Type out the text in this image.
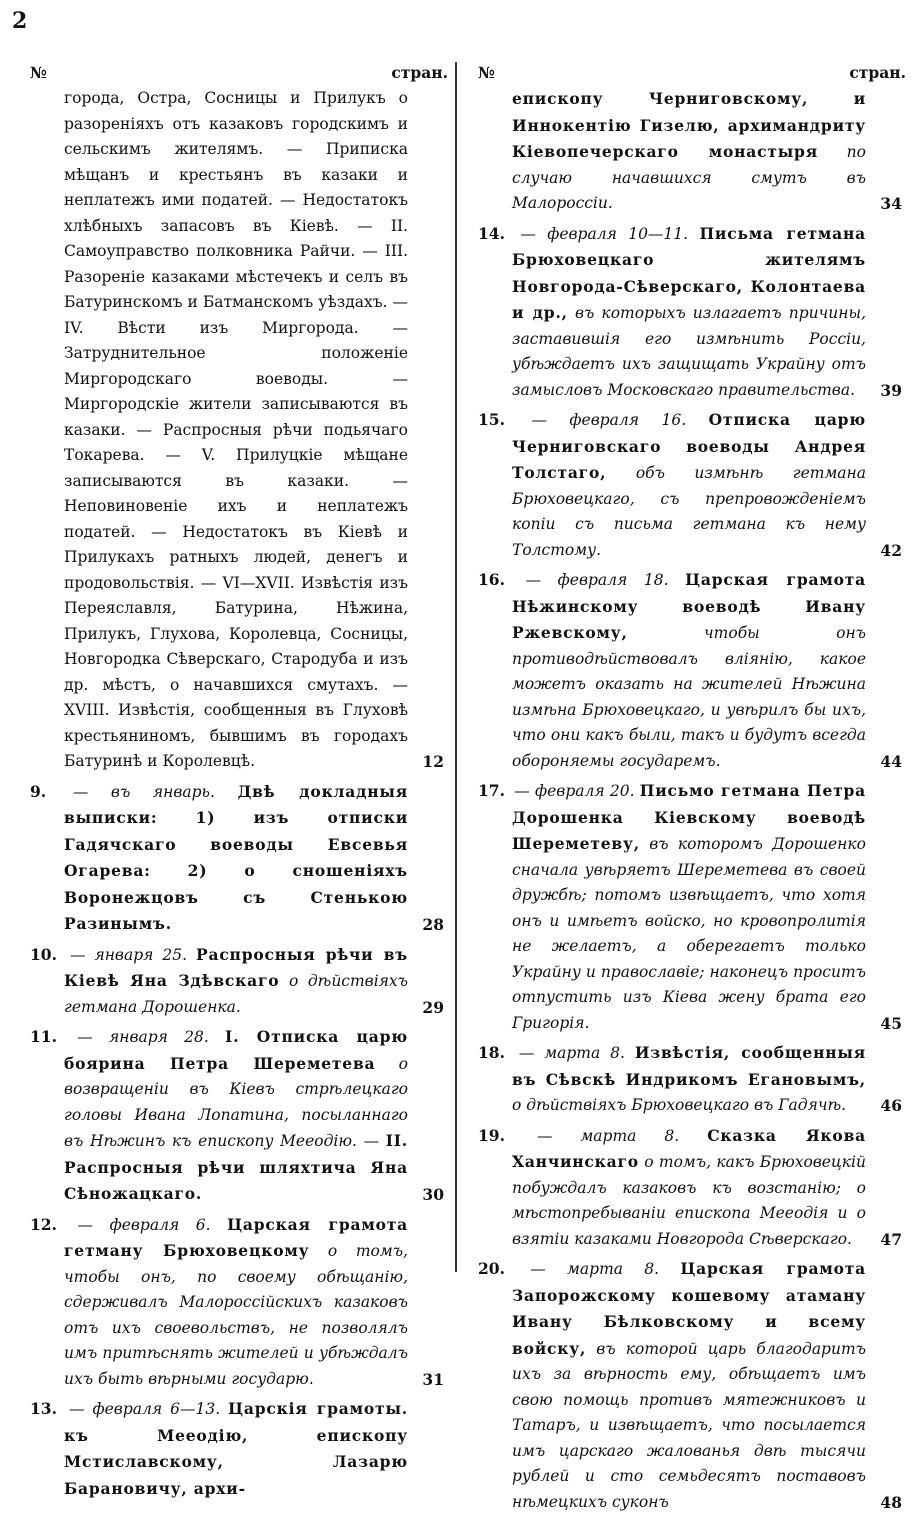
2
№	стран.
города, Остра, Сосницы и Прилукъ о разореніяхъ отъ казаковъ городскимъ и сельскимъ жителямъ. — Приписка мѣщанъ и крестьянъ въ казаки и неплатежъ ими податей. — Недостатокъ хлѣбныхъ запасовъ въ Кіевѣ. — II. Самоуправство полковника Райчи. — III. Разореніе казаками мѣстечекъ и селъ въ Батуринскомъ и Батманскомъ уѣздахъ. — IV. Вѣсти изъ Миргорода. — Затруднительное положеніе Миргородскаго воеводы. — Миргородскіе жители записываются въ казаки. — Распросныя рѣчи подьячаго Токарева. — V. Прилуцкіе мѣщане записываются въ казаки. — Неповиновеніе ихъ и неплатежъ податей. — Недостатокъ въ Кіевѣ и Прилукахъ ратныхъ людей, денегъ и продовольствія. — VI—XVII. Извѣстія изъ Переяславля, Батурина, Нѣжина, Прилукъ, Глухова, Королевца, Сосницы, Новгородка Сѣверскаго, Стародуба и изъ др. мѣстъ, о начавшихся смутахъ. — XVIII. Извѣстія, сообщенныя въ Глуховѣ крестьяниномъ, бывшимъ въ городахъ Батуринѣ и Королевцѣ.	12
9. — въ январь. Двѣ докладныя выписки: 1) изъ отписки Гадячскаго воеводы Евсевья Огарева: 2) о сношеніяхъ Воронежцовъ съ Стенькою Разинымъ.	28
10. — января 25. Распросныя рѣчи въ Кіевѣ Яна Здѣвскаго о дѣйствіяхъ гетмана Дорошенка.	29
11. — января 28. I. Отписка царю боярина Петра Шереметева о возвращеніи въ Кіевъ стрѣлецкаго головы Ивана Лопатина, посыланнаго въ Нѣжинъ къ епископу Мееодію. — II. Распросныя рѣчи шляхтича Яна Сѣножацкаго.	30
12. — февраля 6. Царская грамота гетману Брюховецкому о томъ, чтобы онъ, по своему обѣщанію, сдерживалъ Малороссійскихъ казаковъ отъ ихъ своевольствъ, не позволялъ имъ притѣснять жителей и убѣждалъ ихъ быть вѣрными государю.	31
13. — февраля 6—13. Царскія грамоты. къ Мееодію, епископу Мстиславскому, Лазарю Барановичу, архи-
№	стран.
епископу Черниговскому, и Иннокентію Гизелю, архимандриту Кіевопечерскаго монастыря по случаю начавшихся смутъ въ Малороссіи.	34
14. — февраля 10—11. Письма гетмана Брюховецкаго жителямъ Новгорода-Сѣверскаго, Колонтаева и др., въ которыхъ излагаетъ причины, заставившія его измѣнить Россіи, убѣждаетъ ихъ защищать Украйну отъ замысловъ Московскаго правительства.	39
15. — февраля 16. Отписка царю Черниговскаго воеводы Андрея Толстаго, объ измѣнѣ гетмана Брюховецкаго, съ препровожденіемъ копіи съ письма гетмана къ нему Толстому.	42
16. — февраля 18. Царская грамота Нѣжинскому воеводѣ Ивану Ржевскому,	чтобы онъ противодѣйствовалъ вліянію, какое можетъ оказать на жителей Нѣжина измѣна Брюховецкаго, и увѣрилъ бы ихъ, что они какъ были, такъ и будутъ всегда обороняемы государемъ.	44
17. — февраля 20. Письмо гетмана Петра Дорошенка Кіевскому воеводѣ Шереметеву, въ которомъ Дорошенко сначала увѣряетъ Шереметева въ своей дружбѣ; потомъ извѣщаетъ, что хотя онъ и имѣетъ войско, но кровопролитія не желаетъ, а оберегаетъ только Украйну и православіе; наконецъ проситъ отпустить изъ Кіева жену брата его Григорія.	45
18. — марта 8. Извѣстія, сообщенныя въ Сѣвскѣ Индрикомъ Егановымъ, о дѣйствіяхъ Брюховецкаго въ Гадячѣ.	46
19. — марта 8. Сказка Якова Ханчинскаго о томъ, какъ Брюховецкій побуждалъ казаковъ къ возстанію; о мѣстопребываніи епископа Мееодія и о взятіи казаками Новгорода Сѣверскаго.	47
20. — марта 8. Царская грамота Запорожскому кошевому атаману Ивану Бѣлковскому и всему войску, въ которой царь благодаритъ ихъ за вѣрность ему, обѣщаетъ имъ свою помощь противъ мятежниковъ и Татаръ, и извѣщаетъ, что посылается имъ царскаго жалованья двѣ тысячи рублей и сто семьдесятъ поставовъ нѣмецкихъ суконъ	48
